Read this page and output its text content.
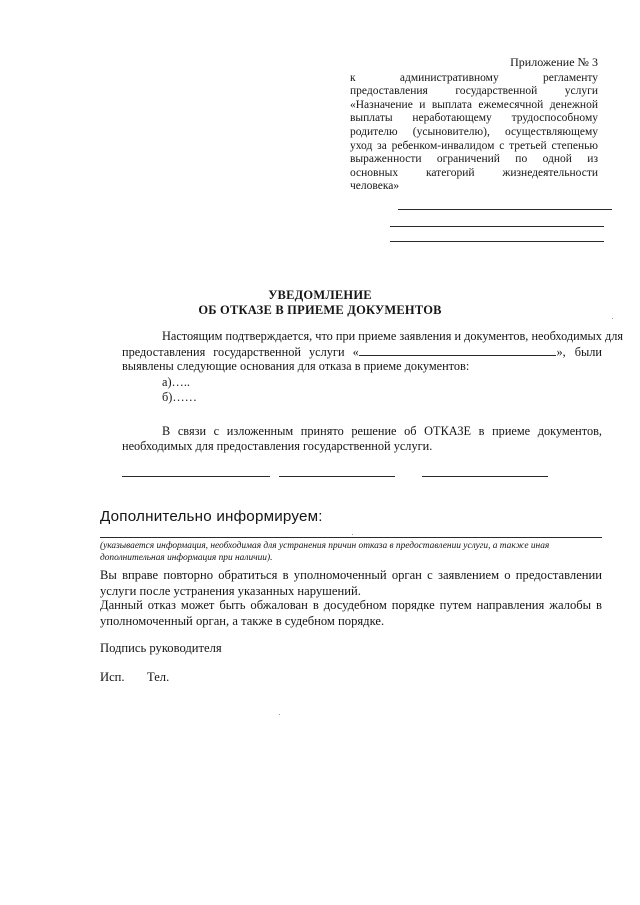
Приложение № 3
к административному регламенту
предоставления государственной услуги
«Назначение и выплата ежемесячной денежной
выплаты неработающему трудоспособному
родителю (усыновителю), осуществляющему
уход за ребенком-инвалидом с третьей степенью
выраженности ограничений по одной из
основных категорий жизнедеятельности
человека»
УВЕДОМЛЕНИЕ
ОБ ОТКАЗЕ В ПРИЕМЕ ДОКУМЕНТОВ
Настоящим подтверждается, что при приеме заявления и документов, необходимых для
предоставления государственной услуги «	», были
выявлены следующие основания для отказа в приеме документов:
а)…..
б)……
В связи с изложенным принято решение об ОТКАЗЕ в приеме документов,
необходимых для предоставления государственной услуги.
Дополнительно информируем:
(указывается информация, необходимая для устранения причин отказа в предоставлении услуги, а также иная дополнительная информация при наличии).
Вы вправе повторно обратиться в уполномоченный орган с заявлением о предоставлении
услуги после устранения указанных нарушений.
Данный отказ может быть обжалован в досудебном порядке путем направления жалобы в
уполномоченный орган, а также в судебном порядке.
Подпись руководителя
Исп. Тел.
